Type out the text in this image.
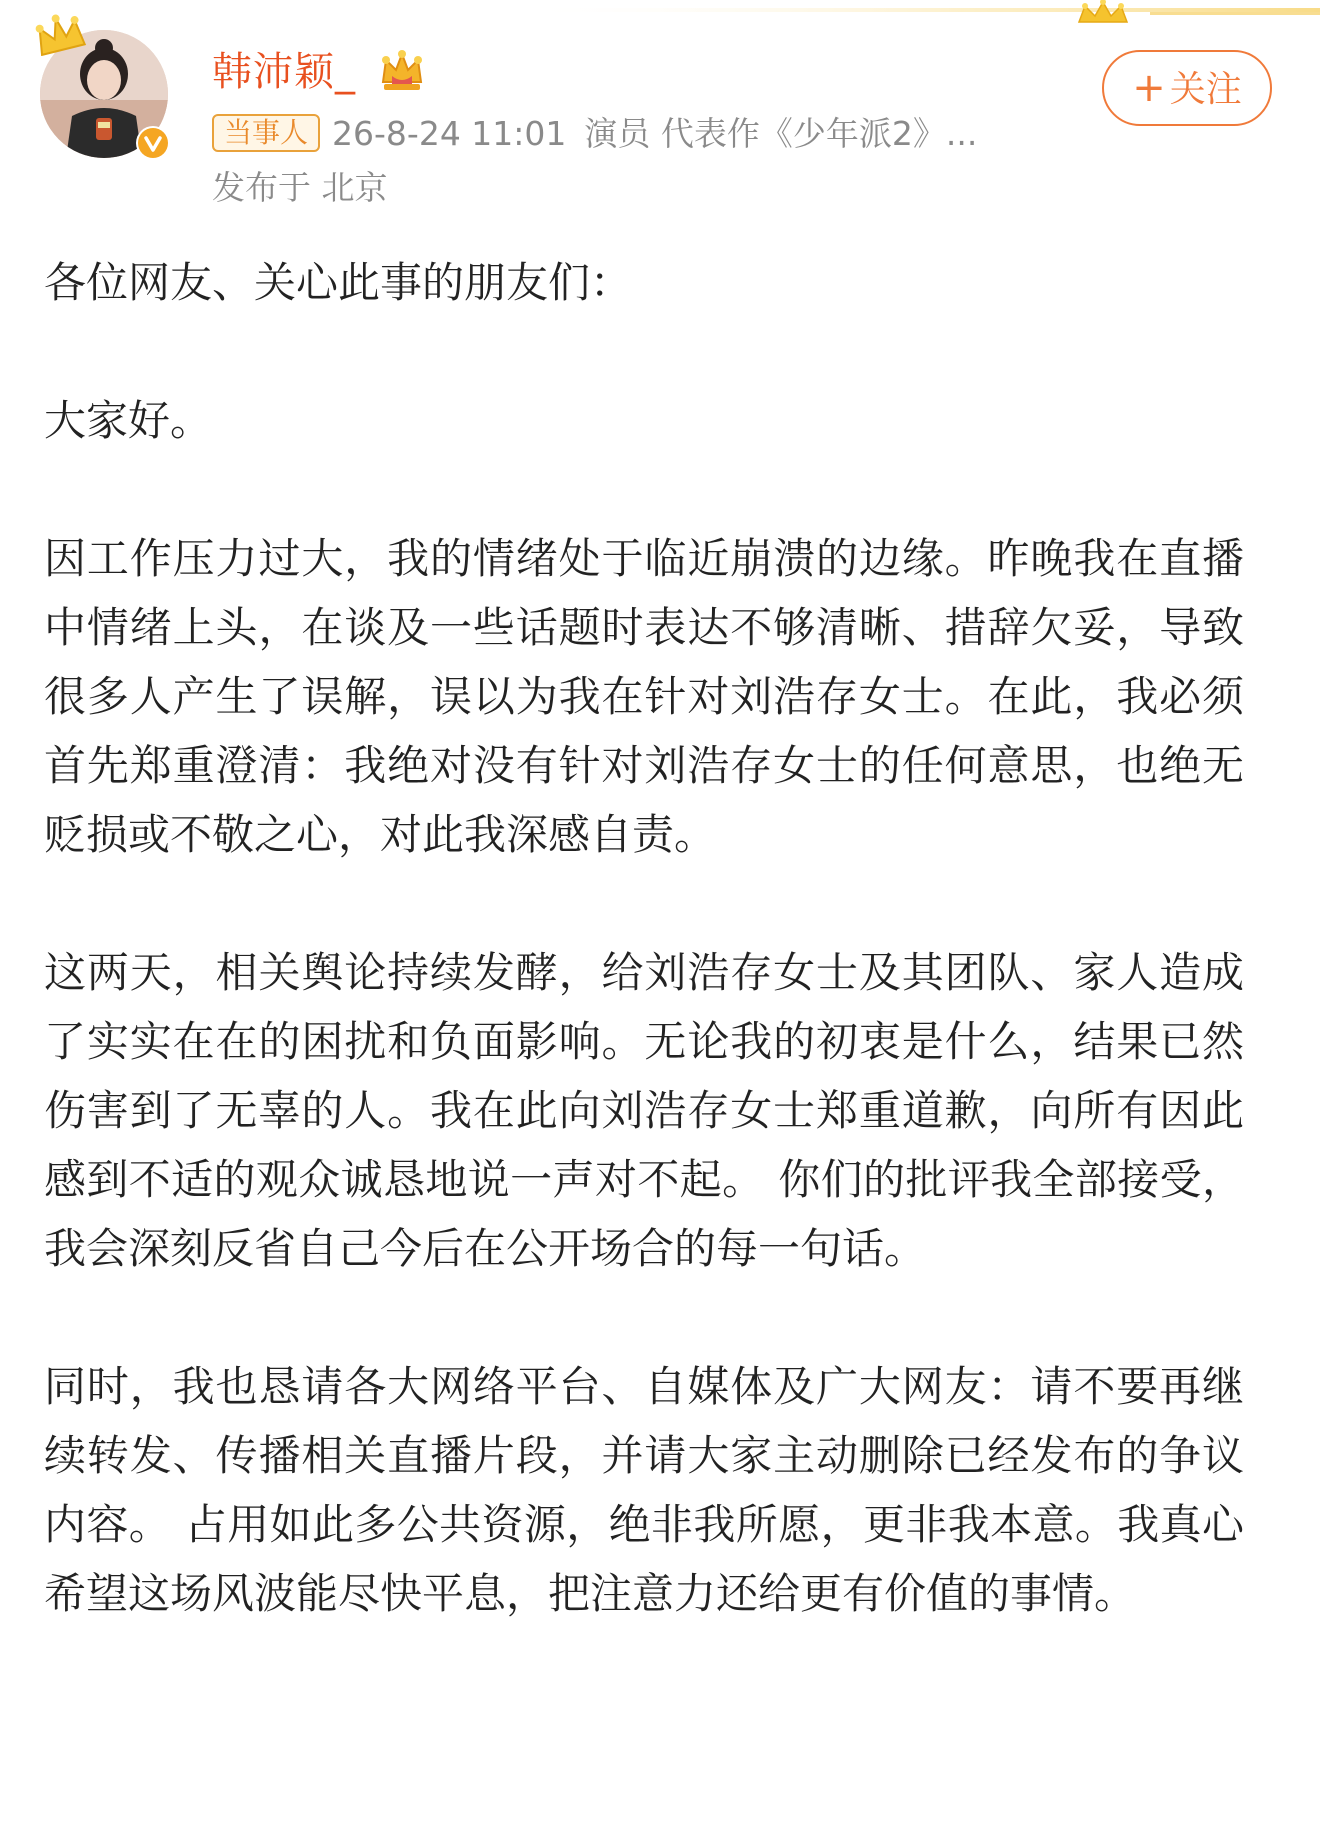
韩沛颖_	+ 关注
当事人 26-8-24 11:01 演员 代表作《少年派2》...
发布于 北京

各位网友、关心此事的朋友们：

大家好。

因工作压力过大，我的情绪处于临近崩溃的边缘。昨晚我在直播中情绪上头，在谈及一些话题时表达不够清晰、措辞欠妥，导致很多人产生了误解，误以为我在针对刘浩存女士。在此，我必须首先郑重澄清：我绝对没有针对刘浩存女士的任何意思，也绝无贬损或不敬之心，对此我深感自责。

这两天，相关舆论持续发酵，给刘浩存女士及其团队、家人造成了实实在在的困扰和负面影响。无论我的初衷是什么，结果已然伤害到了无辜的人。我在此向刘浩存女士郑重道歉，向所有因此感到不适的观众诚恳地说一声对不起。 你们的批评我全部接受，我会深刻反省自己今后在公开场合的每一句话。

同时，我也恳请各大网络平台、自媒体及广大网友：请不要再继续转发、传播相关直播片段，并请大家主动删除已经发布的争议内容。 占用如此多公共资源，绝非我所愿，更非我本意。我真心希望这场风波能尽快平息，把注意力还给更有价值的事情。
